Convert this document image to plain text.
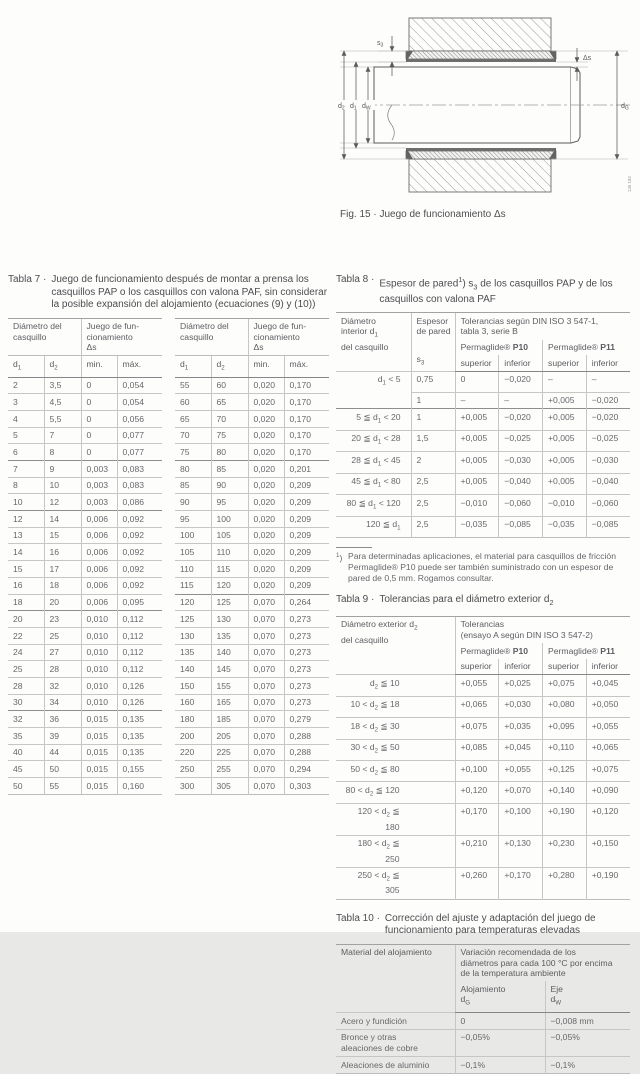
$d_2$ $d_1$ $d_W$	$d_G$
$s_3$
Δs
136 183
Fig. 15 · Juego de funcionamiento Δs
Tabla 7 · Juego de funcionamiento después de montar a prensa los casquillos PAP o los casquillos con valona PAF, sin considerar la posible expansión del alojamiento (ecuaciones (9) y (10))
Diámetro del
casquillo		Juego de fun-
cionamiento
Δs	
$d_1$	$d_2$	min.	máx.
2	3,5	0	0,054
3	4,5	0	0,054
4	5,5	0	0,056
5	7	0	0,077
6	8	0	0,077
7	9	0,003	0,083
8	10	0,003	0,083
10	12	0,003	0,086
12	14	0,006	0,092
13	15	0,006	0,092
14	16	0,006	0,092
15	17	0,006	0,092
16	18	0,006	0,092
18	20	0,006	0,095
20	23	0,010	0,112
22	25	0,010	0,112
24	27	0,010	0,112
25	28	0,010	0,112
28	32	0,010	0,126
30	34	0,010	0,126
32	36	0,015	0,135
35	39	0,015	0,135
40	44	0,015	0,135
45	50	0,015	0,155
50	55	0,015	0,160
Diámetro del
casquillo		Juego de fun-
cionamiento
Δs	
$d_1$	$d_2$	min.	máx.
55	60	0,020	0,170
60	65	0,020	0,170
65	70	0,020	0,170
70	75	0,020	0,170
75	80	0,020	0,170
80	85	0,020	0,201
85	90	0,020	0,209
90	95	0,020	0,209
95	100	0,020	0,209
100	105	0,020	0,209
105	110	0,020	0,209
110	115	0,020	0,209
115	120	0,020	0,209
120	125	0,070	0,264
125	130	0,070	0,273
130	135	0,070	0,273
135	140	0,070	0,273
140	145	0,070	0,273
150	155	0,070	0,273
160	165	0,070	0,273
180	185	0,070	0,279
200	205	0,070	0,288
220	225	0,070	0,288
250	255	0,070	0,294
300	305	0,070	0,303
Tabla 8 · Espesor de pared$^1$) $s_3$ de los casquillos PAP y de los casquillos con valona PAF
Diámetro
interior $d_1$
del casquillo	Espesor
de pared
$s_3$	Tolerancias según DIN ISO 3 547-1,
tabla 3, serie B			
		Permaglide® P10		Permaglide® P11	
		superior	inferior	superior	inferior
$d_1 < 5$	0,75	0	−0,020	–	–
	1	–	–	+0,005	−0,020
5 ≦ $d_1 < 20$	1	+0,005	−0,020	+0,005	−0,020
20 ≦ $d_1 < 28$	1,5	+0,005	−0,025	+0,005	−0,025
28 ≦ $d_1 < 45$	2	+0,005	−0,030	+0,005	−0,030
45 ≦ $d_1 < 80$	2,5	+0,005	−0,040	+0,005	−0,040
80 ≦ $d_1 < 120$	2,5	−0,010	−0,060	−0,010	−0,060
120 ≦ $d_1$	2,5	−0,035	−0,085	−0,035	−0,085
$^1$) Para determinadas aplicaciones, el material para casquillos de fricción Permaglide® P10 puede ser también suministrado con un espesor de pared de 0,5 mm. Rogamos consultar.
Tabla 9 · Tolerancias para el diámetro exterior $d_2$
Diámetro exterior $d_2$
del casquillo	Tolerancias
(ensayo A según DIN ISO 3 547-2)			
	Permaglide® P10		Permaglide® P11	
	superior	inferior	superior	inferior
$d_2$ ≦ 10	+0,055	+0,025	+0,075	+0,045
$10 < d_2$ ≦ 18	+0,065	+0,030	+0,080	+0,050
$18 < d_2$ ≦ 30	+0,075	+0,035	+0,095	+0,055
$30 < d_2$ ≦ 50	+0,085	+0,045	+0,110	+0,065
$50 < d_2$ ≦ 80	+0,100	+0,055	+0,125	+0,075
$80 < d_2$ ≦ 120	+0,120	+0,070	+0,140	+0,090
$120 < d_2$ ≦ 180	+0,170	+0,100	+0,190	+0,120
$180 < d_2$ ≦ 250	+0,210	+0,130	+0,230	+0,150
$250 < d_2$ ≦ 305	+0,260	+0,170	+0,280	+0,190
Tabla 10 · Corrección del ajuste y adaptación del juego de funcionamiento para temperaturas elevadas
Material del alojamiento	Variación recomendada de los
diámetros para cada 100 °C por encima
de la temperatura ambiente	
	Alojamiento
$d_G$	Eje
$d_W$
Acero y fundición	0	−0,008 mm
Bronce y otras
aleaciones de cobre	−0,05%	−0,05%
Aleaciones de aluminio	−0,1%	−0,1%
